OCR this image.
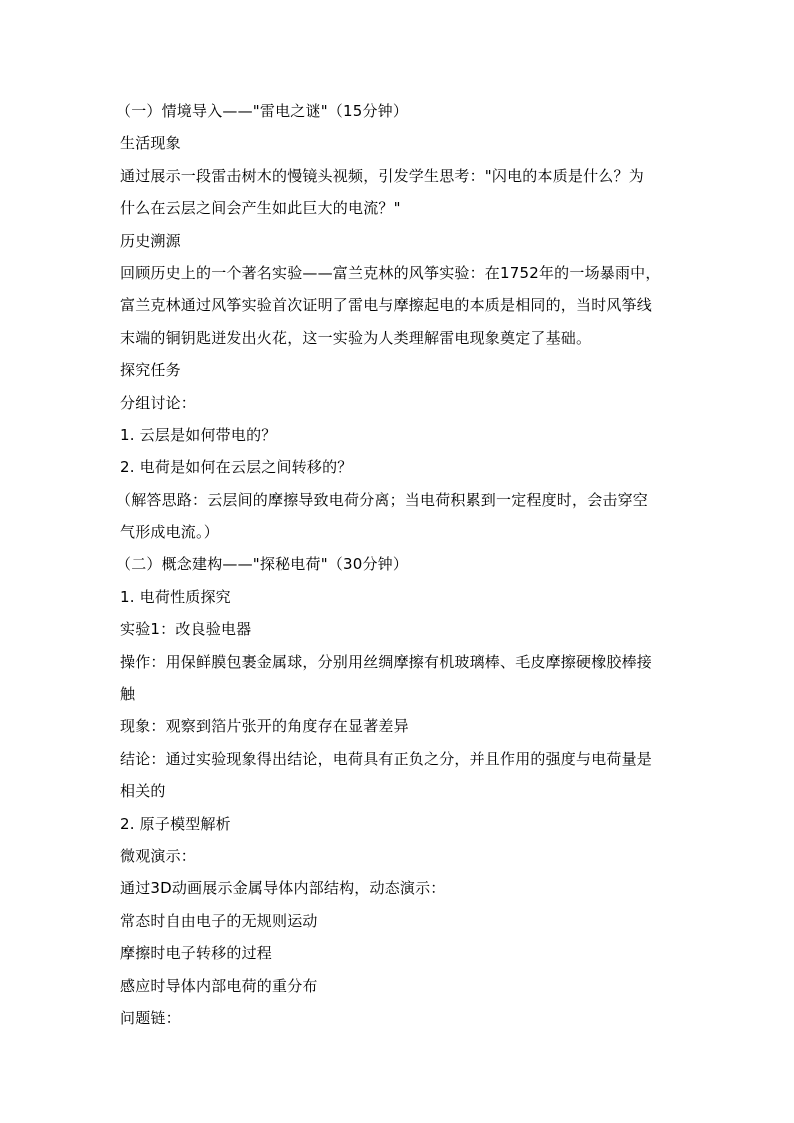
（一）情境导入——"雷电之谜"（15分钟）
生活现象
通过展示一段雷击树木的慢镜头视频，引发学生思考："闪电的本质是什么？为
什么在云层之间会产生如此巨大的电流？"
历史溯源
回顾历史上的一个著名实验——富兰克林的风筝实验：在1752年的一场暴雨中，
富兰克林通过风筝实验首次证明了雷电与摩擦起电的本质是相同的，当时风筝线
末端的铜钥匙迸发出火花，这一实验为人类理解雷电现象奠定了基础。
探究任务
分组讨论：
1. 云层是如何带电的？
2. 电荷是如何在云层之间转移的？
（解答思路：云层间的摩擦导致电荷分离；当电荷积累到一定程度时，会击穿空
气形成电流。）
（二）概念建构——"探秘电荷"（30分钟）
1. 电荷性质探究
实验1：改良验电器
操作：用保鲜膜包裹金属球，分别用丝绸摩擦有机玻璃棒、毛皮摩擦硬橡胶棒接
触
现象：观察到箔片张开的角度存在显著差异
结论：通过实验现象得出结论，电荷具有正负之分，并且作用的强度与电荷量是
相关的
2. 原子模型解析
微观演示：
通过3D动画展示金属导体内部结构，动态演示：
常态时自由电子的无规则运动
摩擦时电子转移的过程
感应时导体内部电荷的重分布
问题链：
